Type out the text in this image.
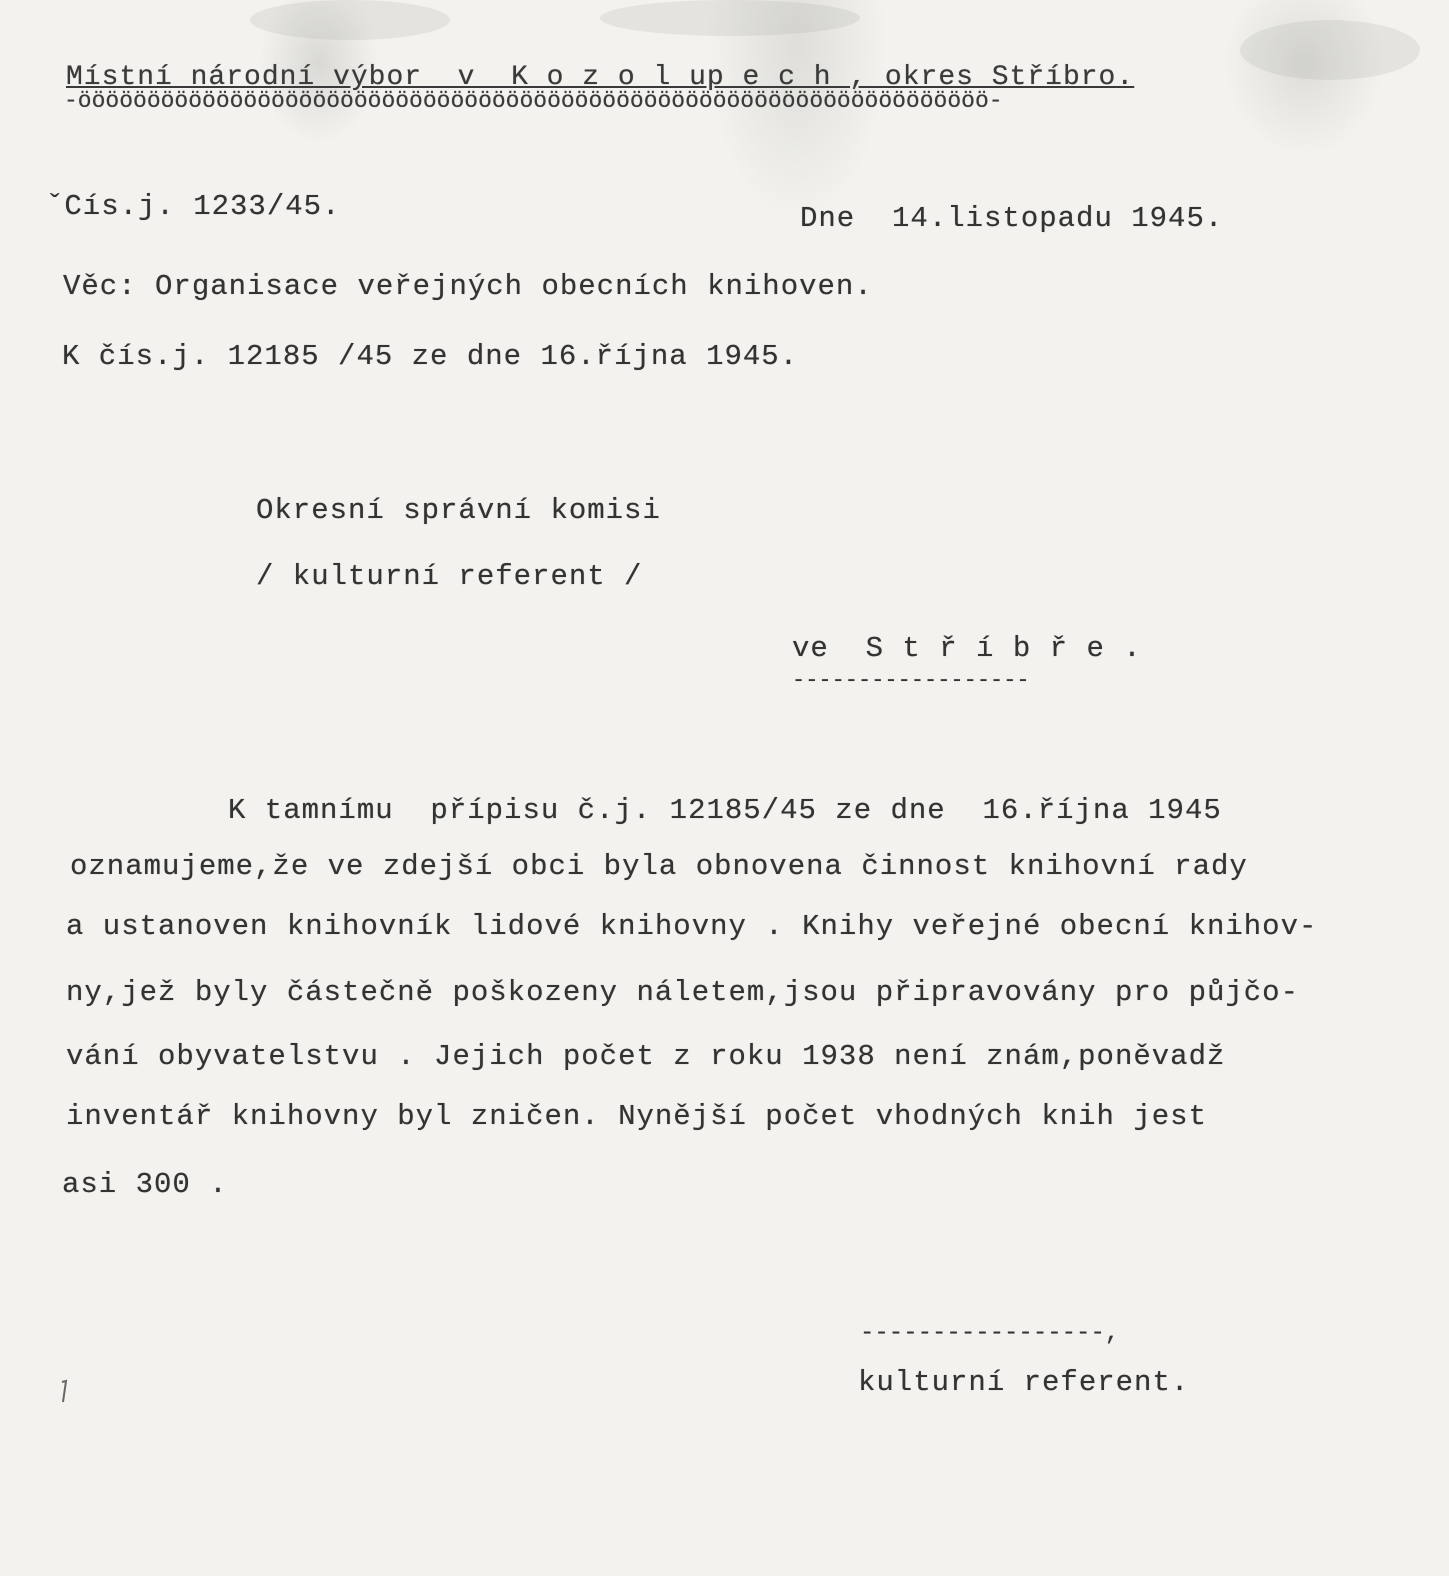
Místní národní výbor  v  K o z o l up e c h , okres Stříbro.
-öööööööööööööööööööööööööööööööööööööööööööööööööööööööööööööööööö-
ˇCís.j. 1233/45.	Dne  14.listopadu 1945.
Věc: Organisace veřejných obecních knihoven.
K čís.j. 12185 /45 ze dne 16.října 1945.
Okresní správní komisi
/ kulturní referent /
ve  S t ř í b ř e .
------------------
K tamnímu  přípisu č.j. 12185/45 ze dne  16.října 1945
oznamujeme,že ve zdejší obci byla obnovena činnost knihovní rady
a ustanoven knihovník lidové knihovny . Knihy veřejné obecní knihov-
ny,jež byly částečně poškozeny náletem,jsou připravovány pro půjčo-
vání obyvatelstvu . Jejich počet z roku 1938 není znám,poněvadž
inventář knihovny byl zničen. Nynější počet vhodných knih jest
asi 300 .
-----------------,
kulturní referent.
